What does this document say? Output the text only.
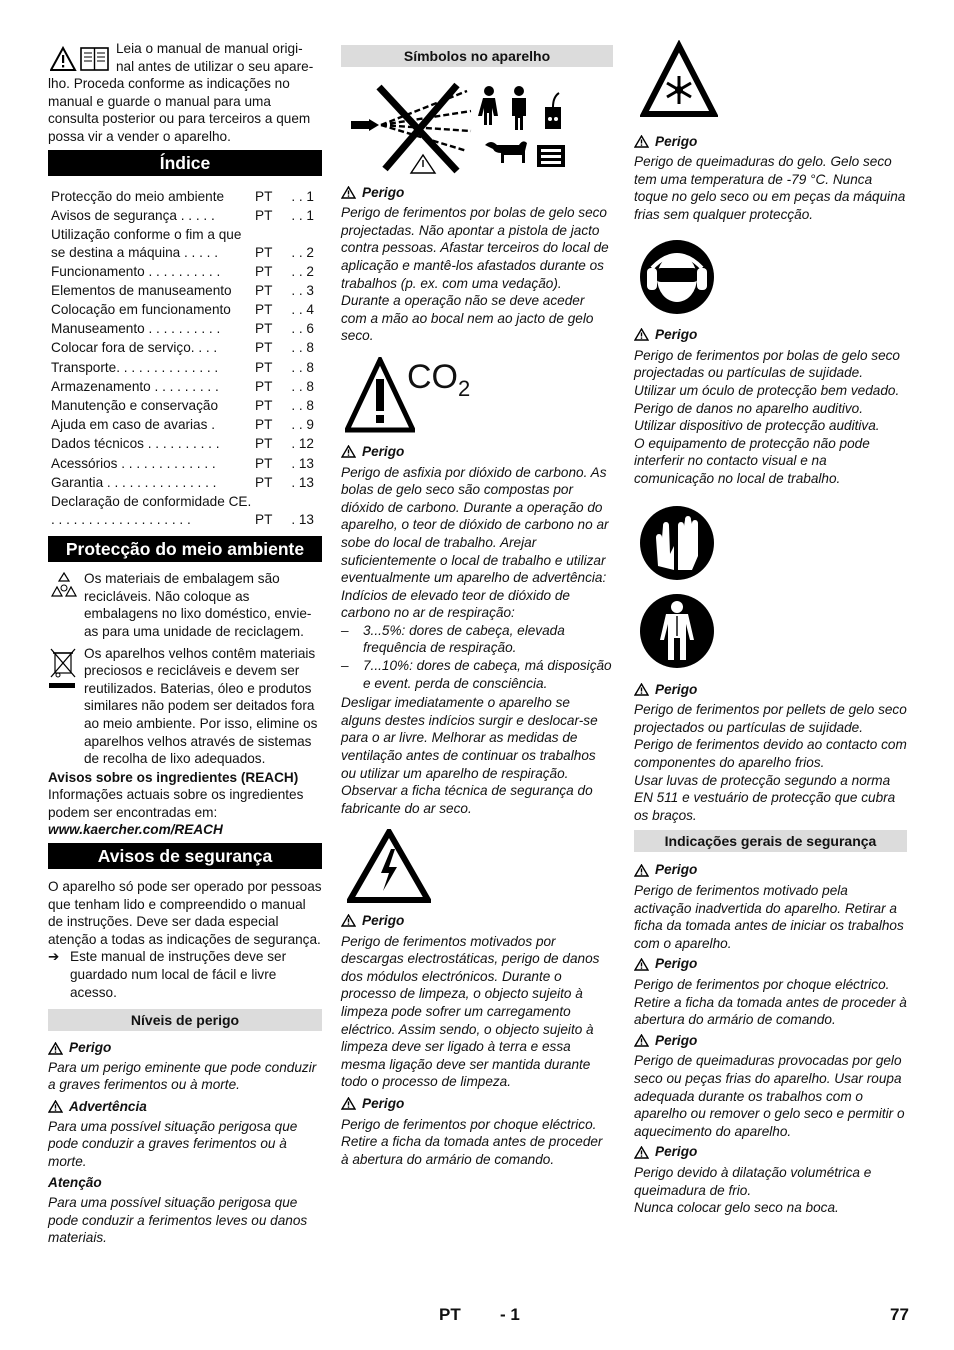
Leia o manual de manual origi-

nal antes de utilizar o seu apare-

lho. Proceda conforme as indicações no manual e guarde o manual para uma consulta posterior ou para terceiros a quem possa vir a vender o aparelho.

Índice
Protecção do meio ambiente	PT	. . 1
Avisos de segurança . . . . .	PT	. . 1
Utilização conforme o fim a que se destina a máquina . . . . .	PT	. . 2
Funcionamento . . . . . . . . . .	PT	. . 2
Elementos de manuseamento	PT	. . 3
Colocação em funcionamento	PT	. . 4
Manuseamento . . . . . . . . . .	PT	. . 6
Colocar fora de serviço. . . .	PT	. . 8
Transporte. . . . . . . . . . . . . .	PT	. . 8
Armazenamento . . . . . . . . .	PT	. . 8
Manutenção e conservação	PT	. . 8
Ajuda em caso de avarias .	PT	. . 9
Dados técnicos . . . . . . . . . .	PT	. 12
Acessórios . . . . . . . . . . . . .	PT	. 13
Garantia . . . . . . . . . . . . . . .	PT	. 13
Declaração de conformidade CE. . . . . . . . . . . . . . . . . . . .	PT	. 13
Protecção do meio ambiente

Os materiais de embalagem são recicláveis. Não coloque as embalagens no lixo doméstico, envie-as para uma unidade de reciclagem.

Os aparelhos velhos contêm materiais preciosos e recicláveis e devem ser reutilizados. Baterias, óleo e produtos similares não podem ser deitados fora ao meio ambiente. Por isso, elimine os aparelhos velhos através de sistemas de recolha de lixo adequados.

Avisos sobre os ingredientes (REACH)

Informações actuais sobre os ingredientes podem ser encontradas em:

www.kaercher.com/REACH

Avisos de segurança

O aparelho só pode ser operado por pessoas que tenham lido e compreendido o manual de instruções. Deve ser dada especial atenção a todas as indicações de segurança.

➔ Este manual de instruções deve ser guardado num local de fácil e livre acesso.
Níveis de perigo
Perigo

Para um perigo eminente que pode conduzir a graves ferimentos ou à morte.

Advertência

Para uma possível situação perigosa que pode conduzir a graves ferimentos ou à morte.

Atenção

Para uma possível situação perigosa que pode conduzir a ferimentos leves ou danos materiais.

Símbolos no aparelho
Perigo

Perigo de ferimentos por bolas de gelo seco projectadas. Não apontar a pistola de jacto contra pessoas. Afastar terceiros do local de aplicação e mantê-los afastados durante os trabalhos (p. ex. com uma vedação).

Durante a operação não se deve aceder com a mão ao bocal nem ao jacto de gelo seco.

$CO_2$
Perigo

Perigo de asfixia por dióxido de carbono. As bolas de gelo seco são compostas por dióxido de carbono. Durante a operação do aparelho, o teor de dióxido de carbono no ar sobe do local de trabalho. Arejar suficientemente o local de trabalho e utilizar eventualmente um aparelho de advertência: Indícios de elevado teor de dióxido de carbono no ar de respiração:

–	3...5%: dores de cabeça, elevada frequência de respiração.
–	7...10%: dores de cabeça, má disposição e event. perda de consciência.

Desligar imediatamente o aparelho se alguns destes indícios surgir e deslocar-se para o ar livre. Melhorar as medidas de ventilação antes de continuar os trabalhos ou utilizar um aparelho de respiração. Observar a ficha técnica de segurança do fabricante do ar seco.

Perigo

Perigo de ferimentos motivados por descargas electrostáticas, perigo de danos dos módulos electrónicos. Durante o processo de limpeza, o objecto sujeito à limpeza pode sofrer um carregamento eléctrico. Assim sendo, o objecto sujeito à limpeza deve ser ligado à terra e essa mesma ligação deve ser mantida durante todo o processo de limpeza.

Perigo

Perigo de ferimentos por choque eléctrico. Retire a ficha da tomada antes de proceder à abertura do armário de comando.

Perigo

Perigo de queimaduras do gelo. Gelo seco tem uma temperatura de -79 °C. Nunca toque no gelo seco ou em peças da máquina frias sem qualquer protecção.

Perigo

Perigo de ferimentos por bolas de gelo seco projectadas ou partículas de sujidade. Utilizar um óculo de protecção bem vedado.

Perigo de danos no aparelho auditivo. Utilizar dispositivo de protecção auditiva.

O equipamento de protecção não pode interferir no contacto visual e na comunicação no local de trabalho.

Perigo

Perigo de ferimentos por pellets de gelo seco projectados ou partículas de sujidade.

Perigo de ferimentos devido ao contacto com componentes do aparelho frios.

Usar luvas de protecção segundo a norma EN 511 e vestuário de protecção que cubra os braços.

Indicações gerais de segurança
Perigo

Perigo de ferimentos motivado pela activação inadvertida do aparelho. Retirar a ficha da tomada antes de iniciar os trabalhos com o aparelho.

Perigo

Perigo de ferimentos por choque eléctrico. Retire a ficha da tomada antes de proceder à abertura do armário de comando.

Perigo

Perigo de queimaduras provocadas por gelo seco ou peças frias do aparelho. Usar roupa adequada durante os trabalhos com o aparelho ou remover o gelo seco e permitir o aquecimento do aparelho.

Perigo

Perigo devido à dilatação volumétrica e queimadura de frio.

Nunca colocar gelo seco na boca.

PT - 1	77
